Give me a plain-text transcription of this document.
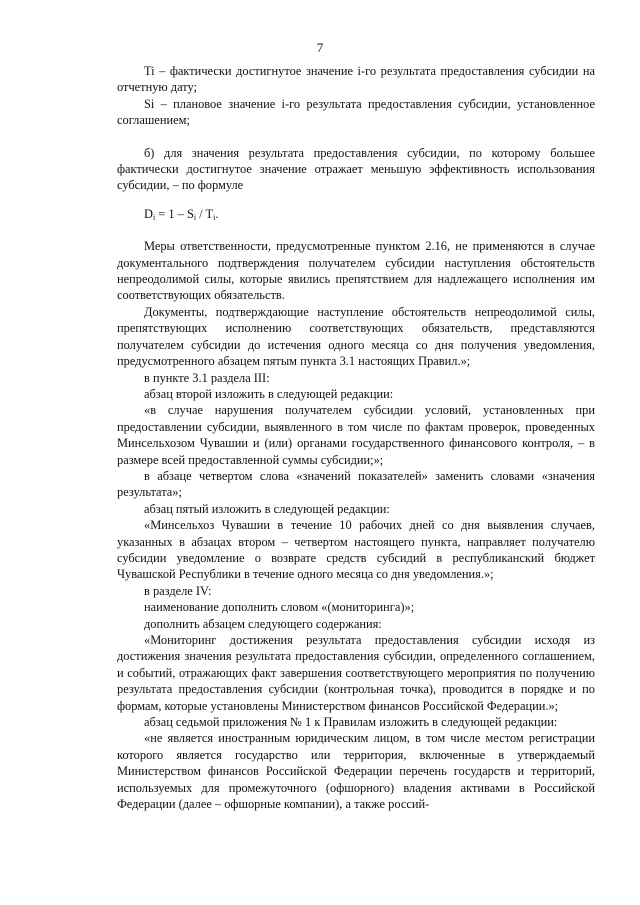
7

Ti – фактически достигнутое значение i-го результата предоставления субсидии на отчетную дату;

Si – плановое значение i-го результата предоставления субсидии, установленное соглашением;

б) для значения результата предоставления субсидии, по которому большее фактически достигнутое значение отражает меньшую эффективность использования субсидии, – по формуле

$D_i = 1 - S_i / T_i$.

Меры ответственности, предусмотренные пунктом 2.16, не применяются в случае документального подтверждения получателем субсидии наступления обстоятельств непреодолимой силы, которые явились препятствием для надлежащего исполнения им соответствующих обязательств.

Документы, подтверждающие наступление обстоятельств непреодолимой силы, препятствующих исполнению соответствующих обязательств, представляются получателем субсидии до истечения одного месяца со дня получения уведомления, предусмотренного абзацем пятым пункта 3.1 настоящих Правил.»;

в пункте 3.1 раздела III:

абзац второй изложить в следующей редакции:

«в случае нарушения получателем субсидии условий, установленных при предоставлении субсидии, выявленного в том числе по фактам проверок, проведенных Минсельхозом Чувашии и (или) органами государственного финансового контроля, – в размере всей предоставленной суммы субсидии;»;

в абзаце четвертом слова «значений показателей» заменить словами «значения результата»;

абзац пятый изложить в следующей редакции:

«Минсельхоз Чувашии в течение 10 рабочих дней со дня выявления случаев, указанных в абзацах втором – четвертом настоящего пункта, направляет получателю субсидии уведомление о возврате средств субсидий в республиканский бюджет Чувашской Республики в течение одного месяца со дня уведомления.»;

в разделе IV:

наименование дополнить словом «(мониторинга)»;

дополнить абзацем следующего содержания:

«Мониторинг достижения результата предоставления субсидии исходя из достижения значения результата предоставления субсидии, определенного соглашением, и событий, отражающих факт завершения соответствующего мероприятия по получению результата предоставления субсидии (контрольная точка), проводится в порядке и по формам, которые установлены Министерством финансов Российской Федерации.»;

абзац седьмой приложения № 1 к Правилам изложить в следующей редакции:

«не является иностранным юридическим лицом, в том числе местом регистрации которого является государство или территория, включенные в утверждаемый Министерством финансов Российской Федерации перечень государств и территорий, используемых для промежуточного (офшорного) владения активами в Российской Федерации (далее – офшорные компании), а также россий-
